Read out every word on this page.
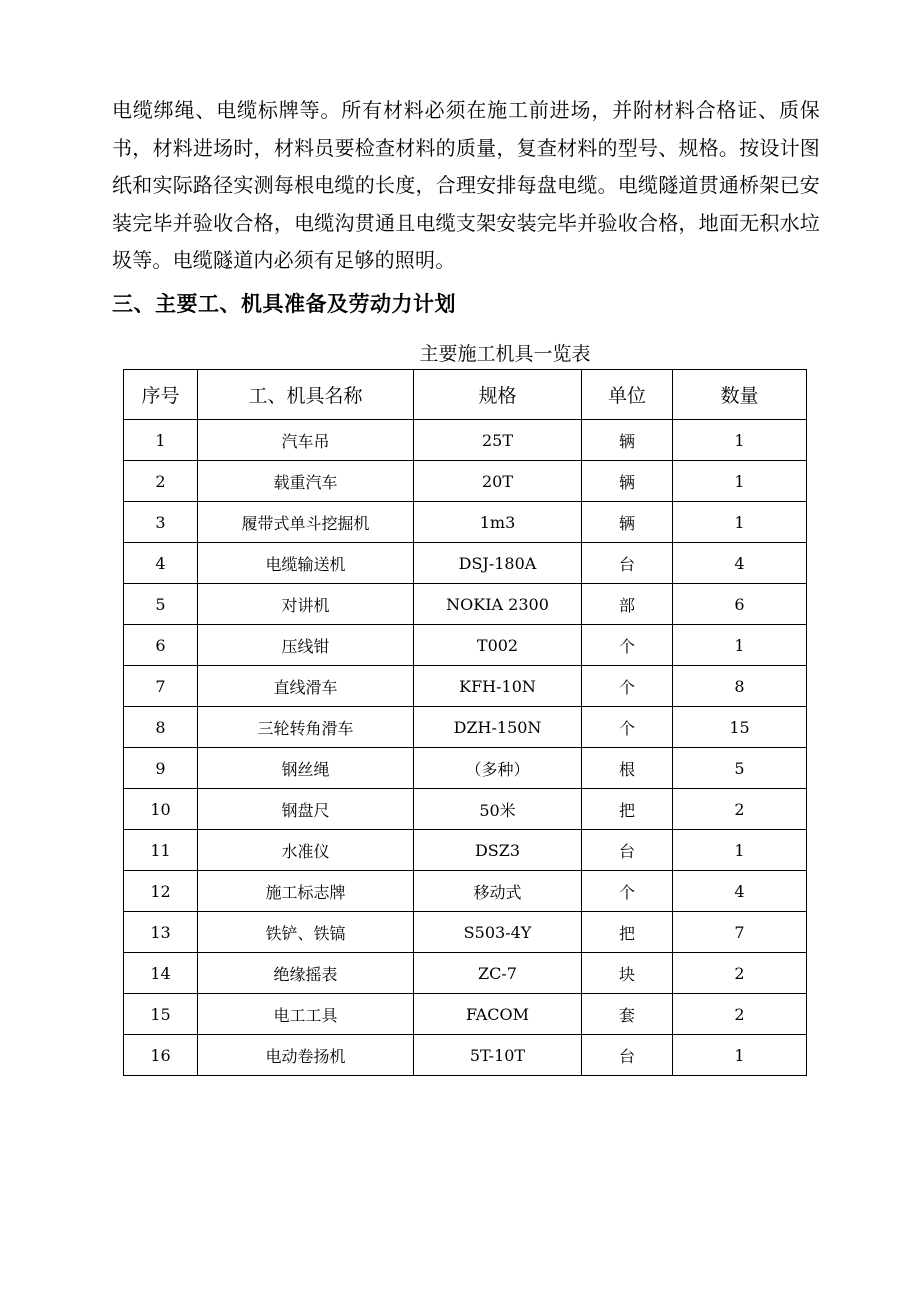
电缆绑绳、电缆标牌等。所有材料必须在施工前进场，并附材料合格证、质保书，材料进场时，材料员要检查材料的质量，复查材料的型号、规格。按设计图纸和实际路径实测每根电缆的长度，合理安排每盘电缆。电缆隧道贯通桥架已安装完毕并验收合格，电缆沟贯通且电缆支架安装完毕并验收合格，地面无积水垃圾等。电缆隧道内必须有足够的照明。

三、主要工、机具准备及劳动力计划
主要施工机具一览表
序号	工、机具名称	规格	单位	数量
1	汽车吊	25T	辆	1
2	载重汽车	20T	辆	1
3	履带式单斗挖掘机	1m3	辆	1
4	电缆输送机	DSJ-180A	台	4
5	对讲机	NOKIA 2300	部	6
6	压线钳	T002	个	1
7	直线滑车	KFH-10N	个	8
8	三轮转角滑车	DZH-150N	个	15
9	钢丝绳	（多种）	根	5
10	钢盘尺	50米	把	2
11	水准仪	DSZ3	台	1
12	施工标志牌	移动式	个	4
13	铁铲、铁镐	S503-4Y	把	7
14	绝缘摇表	ZC-7	块	2
15	电工工具	FACOM	套	2
16	电动卷扬机	5T-10T	台	1
